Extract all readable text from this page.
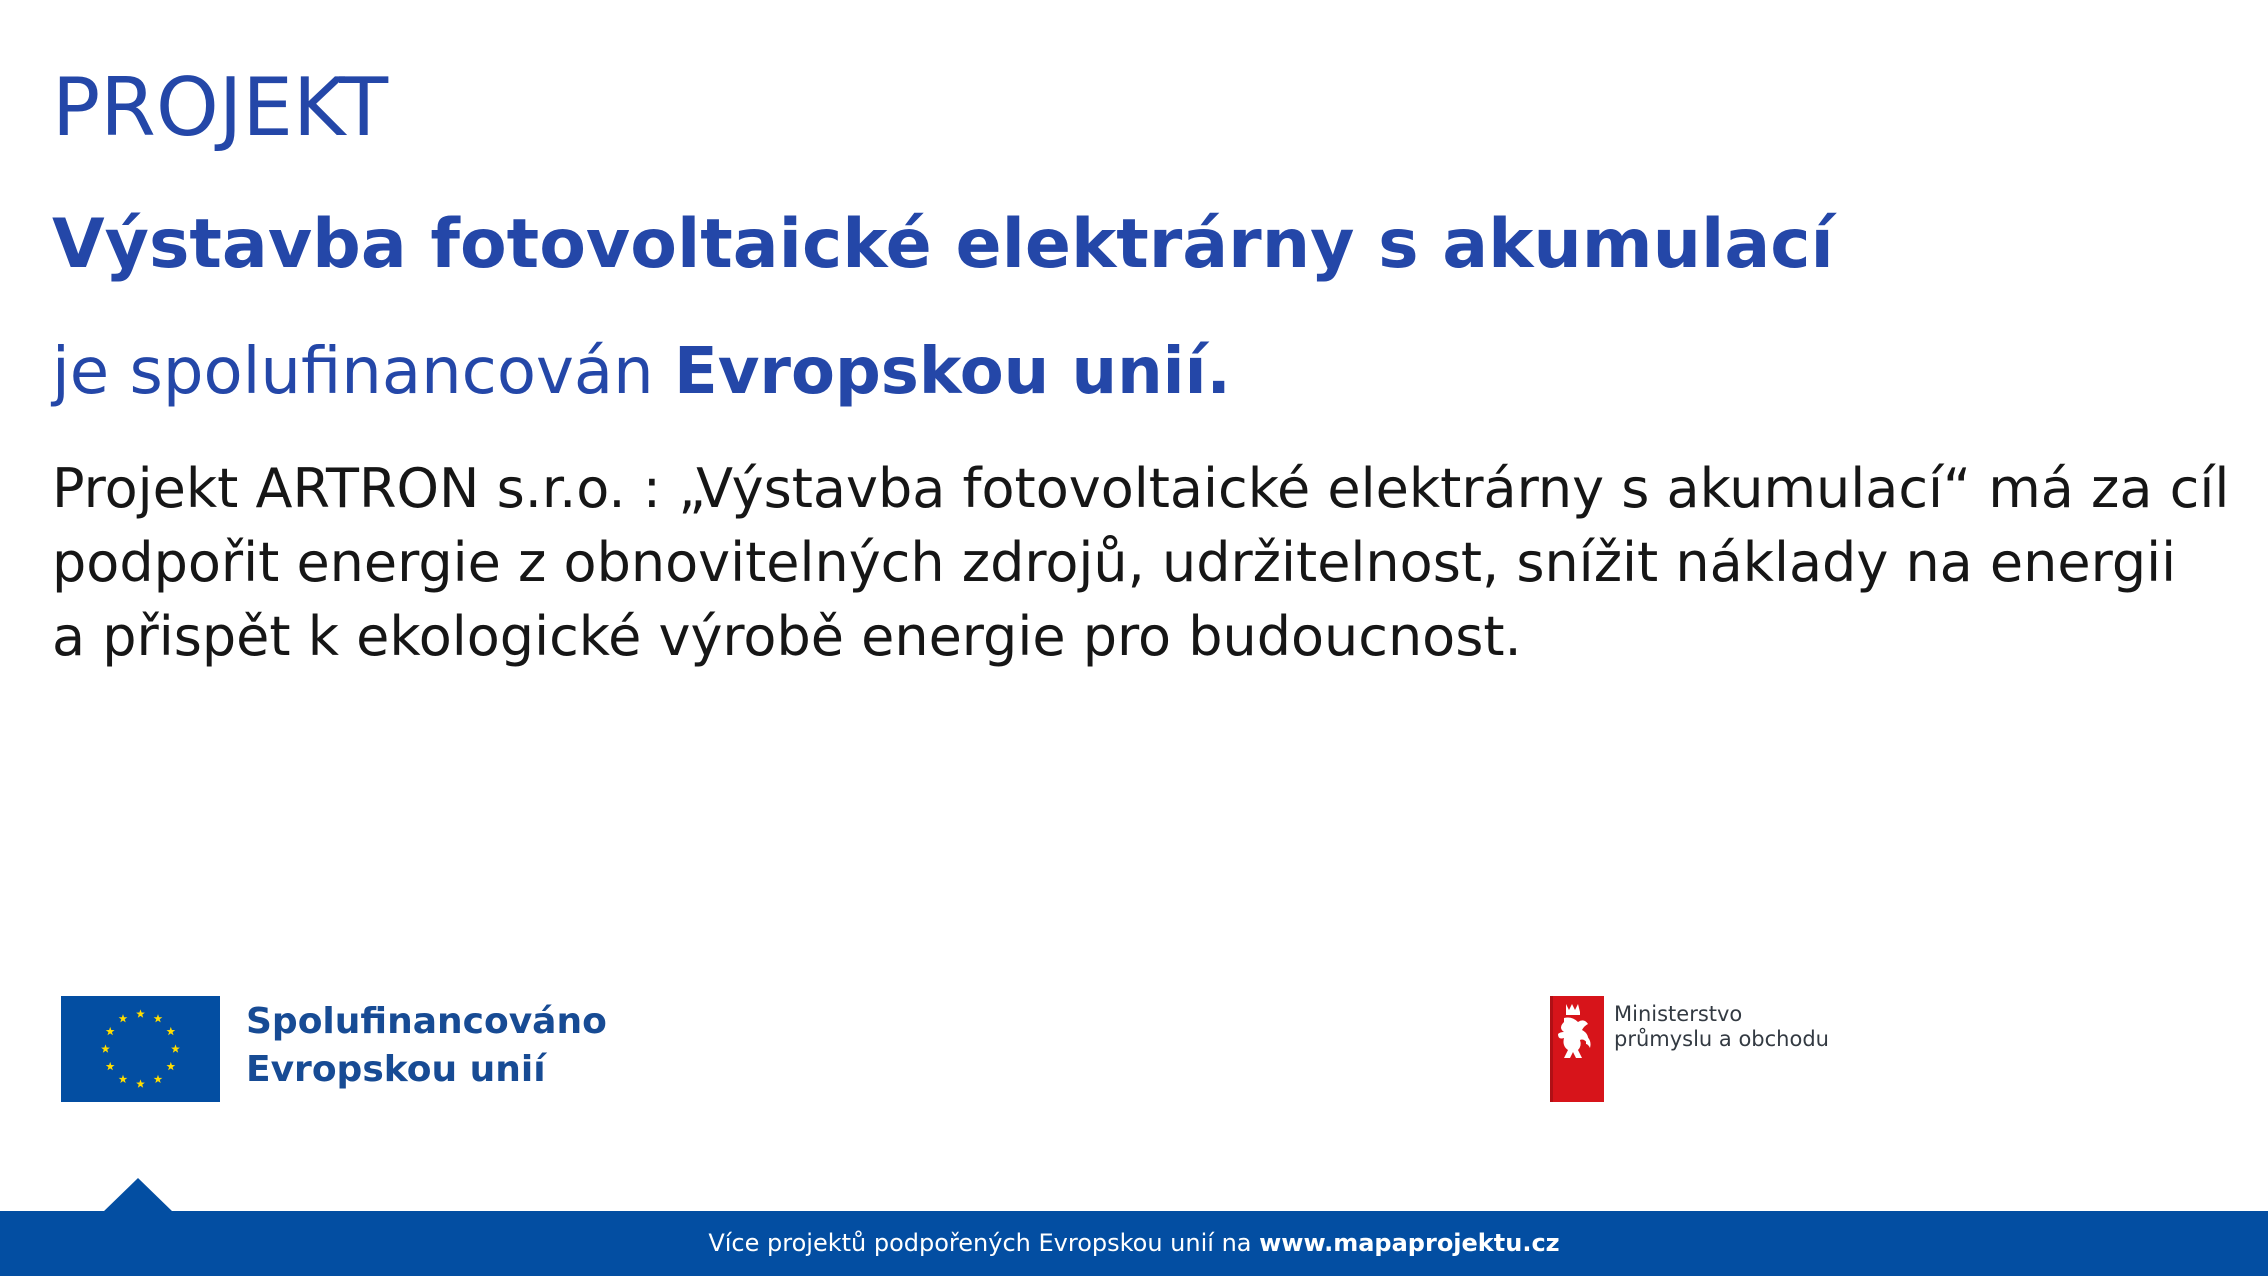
PROJEKT
Výstavba fotovoltaické elektrárny s akumulací

je spolufinancován Evropskou unií.

Projekt ARTRON s.r.o. : „Výstavba fotovoltaické elektrárny s akumulací“ má za cíl
podpořit energie z obnovitelných zdrojů, udržitelnost, snížit náklady na energii
a přispět k ekologické výrobě energie pro budoucnost.
Spolufinancováno
Evropskou unií
Ministerstvo
průmyslu a obchodu
Více projektů podpořených Evropskou unií na www.mapaprojektu.cz
